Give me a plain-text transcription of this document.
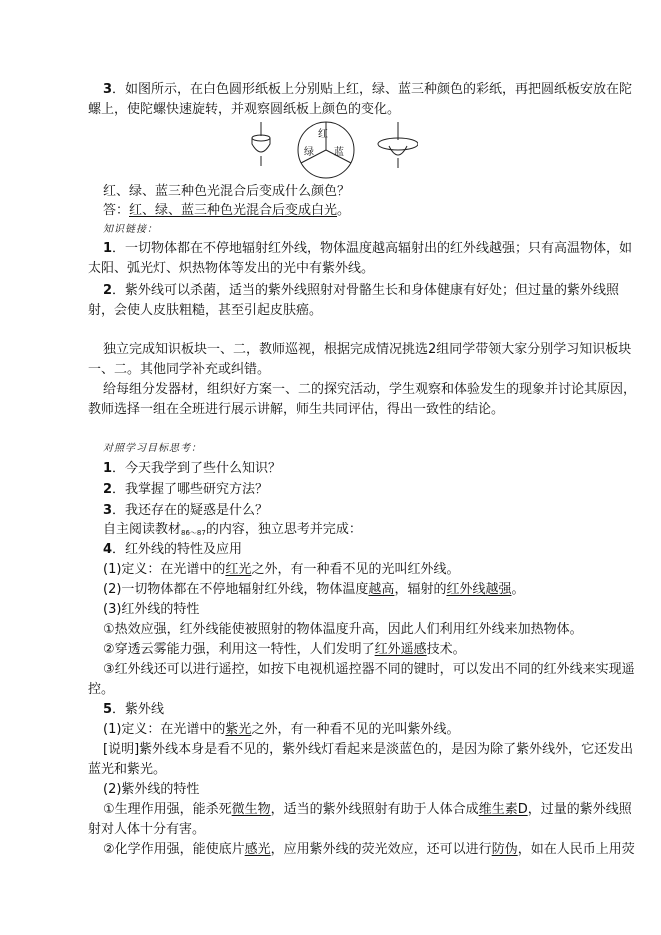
3．如图所示，在白色圆形纸板上分别贴上红，绿、蓝三种颜色的彩纸，再把圆纸板安放在陀
螺上，使陀螺快速旋转，并观察圆纸板上颜色的变化。
红
绿 蓝
红、绿、蓝三种色光混合后变成什么颜色？
答：红、绿、蓝三种色光混合后变成白光。
知识链接：
1．一切物体都在不停地辐射红外线，物体温度越高辐射出的红外线越强；只有高温物体，如
太阳、弧光灯、炽热物体等发出的光中有紫外线。
2．紫外线可以杀菌，适当的紫外线照射对骨骼生长和身体健康有好处；但过量的紫外线照
射，会使人皮肤粗糙，甚至引起皮肤癌。
独立完成知识板块一、二，教师巡视，根据完成情况挑选2组同学带领大家分别学习知识板块
一、二。其他同学补充或纠错。
给每组分发器材，组织好方案一、二的探究活动，学生观察和体验发生的现象并讨论其原因，
教师选择一组在全班进行展示讲解，师生共同评估，得出一致性的结论。
对照学习目标思考：
1．今天我学到了些什么知识？
2．我掌握了哪些研究方法？
3．我还存在的疑惑是什么？
自主阅读教材$_{86\sim 87}$的内容，独立思考并完成：
4．红外线的特性及应用
(1)定义：在光谱中的红光之外，有一种看不见的光叫红外线。
(2)一切物体都在不停地辐射红外线，物体温度越高，辐射的红外线越强。
(3)红外线的特性
①热效应强，红外线能使被照射的物体温度升高，因此人们利用红外线来加热物体。
②穿透云雾能力强，利用这一特性，人们发明了红外遥感技术。
③红外线还可以进行遥控，如按下电视机遥控器不同的键时，可以发出不同的红外线来实现遥
控。
5．紫外线
(1)定义：在光谱中的紫光之外，有一种看不见的光叫紫外线。
[说明]紫外线本身是看不见的，紫外线灯看起来是淡蓝色的，是因为除了紫外线外，它还发出
蓝光和紫光。
(2)紫外线的特性
①生理作用强，能杀死微生物，适当的紫外线照射有助于人体合成维生素D，过量的紫外线照
射对人体十分有害。
②化学作用强，能使底片感光，应用紫外线的荧光效应，还可以进行防伪，如在人民币上用荧
